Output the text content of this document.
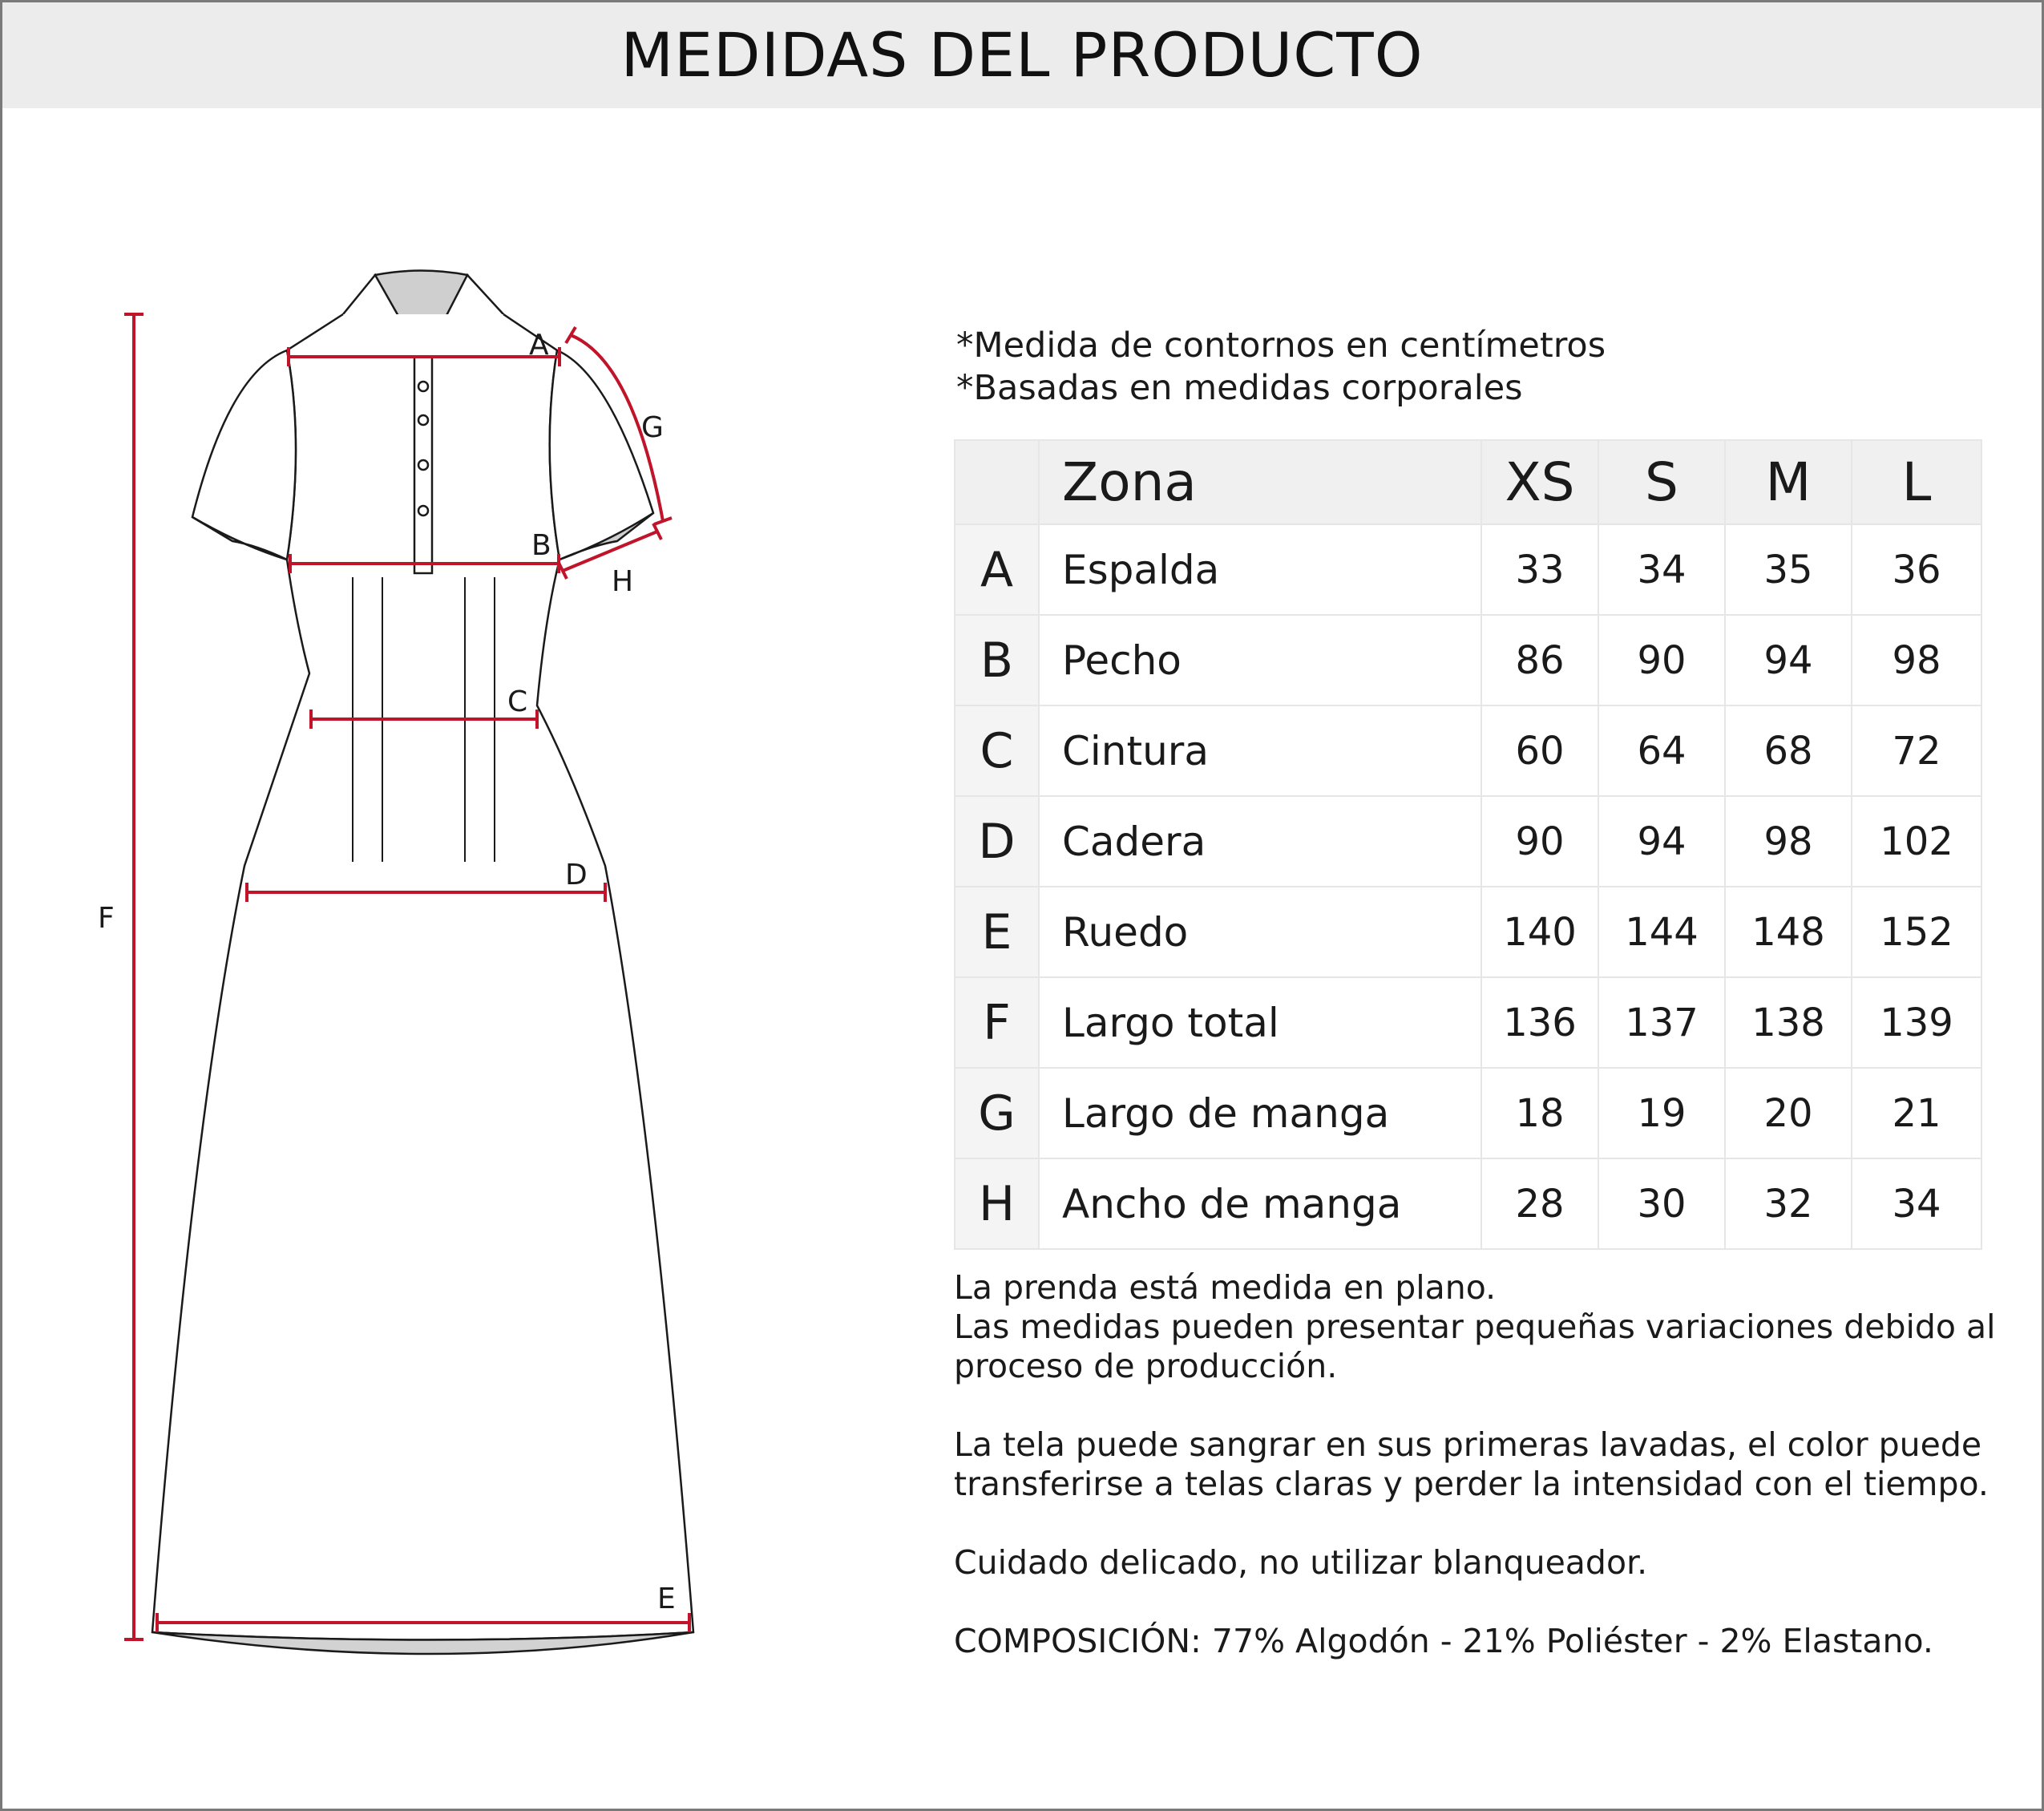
MEDIDAS DEL PRODUCTO
A
B
C
D
E
F
G
H
*Medida de contornos en centímetros
*Basadas en medidas corporales
	Zona	XS	S	M	L
A	Espalda	33	34	35	36
B	Pecho	86	90	94	98
C	Cintura	60	64	68	72
D	Cadera	90	94	98	102
E	Ruedo	140	144	148	152
F	Largo total	136	137	138	139
G	Largo de manga	18	19	20	21
H	Ancho de manga	28	30	32	34

La prenda está medida en plano.
Las medidas pueden presentar pequeñas variaciones debido al
proceso de producción.

La tela puede sangrar en sus primeras lavadas, el color puede
transferirse a telas claras y perder la intensidad con el tiempo.

Cuidado delicado, no utilizar blanqueador.

COMPOSICIÓN: 77% Algodón - 21% Poliéster - 2% Elastano.
